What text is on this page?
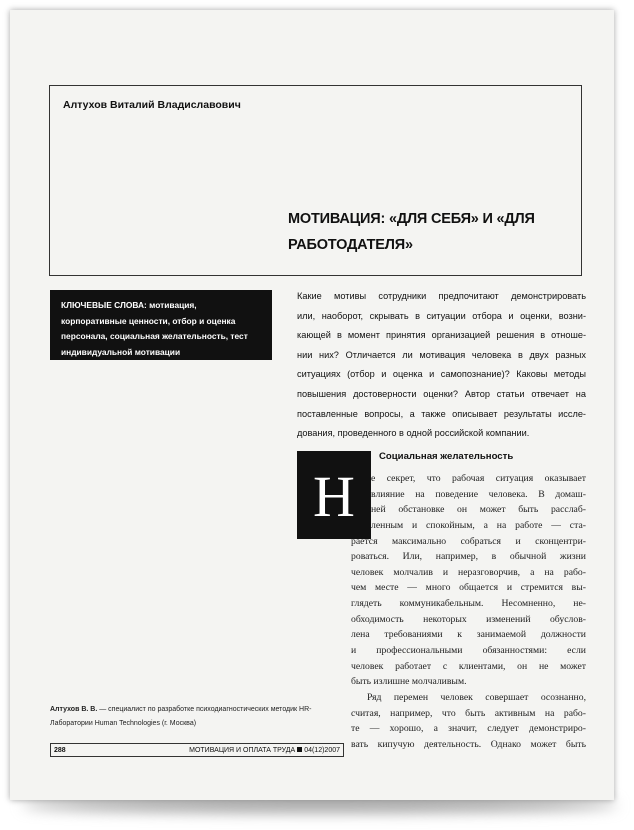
Алтухов Виталий Владиславович
МОТИВАЦИЯ: «ДЛЯ СЕБЯ» И «ДЛЯ РАБОТОДАТЕЛЯ»
КЛЮЧЕВЫЕ СЛОВА: мотивация, корпоративные ценности, отбор и оценка персонала, социальная желательность, тест индивидуальной мотивации
Какие мотивы сотрудники предпочитают демонстрировать
или, наоборот, скрывать в ситуации отбора и оценки, возни-
кающей в момент принятия организацией решения в отноше-
нии них? Отличается ли мотивация человека в двух разных
ситуациях (отбор и оценка и самопознание)? Каковы методы
повышения достоверности оценки? Автор статьи отвечает на
поставленные вопросы, а также описывает результаты иссле-
дования, проведенного в одной российской компании.
Социальная желательность
Н	е секрет, что рабочая ситуация оказывает
влияние на поведение человека. В домаш-
ней обстановке он может быть расслаб-
ленным и спокойным, а на работе — ста-
рается максимально собраться и сконцентри-
роваться. Или, например, в обычной жизни
человек молчалив и неразговорчив, а на рабо-
чем месте — много общается и стремится вы-
глядеть коммуникабельным. Несомненно, не-
обходимость некоторых изменений обуслов-
лена требованиями к занимаемой должности
и профессиональными обязанностями: если
человек работает с клиентами, он не может
быть излишне молчаливым.
Ряд перемен человек совершает осознанно,
считая, например, что быть активным на рабо-
те — хорошо, а значит, следует демонстриро-
вать кипучую деятельность. Однако может быть
Алтухов В. В. — специалист по разработке психодиагностических методик HR-Лаборатории Human Technologies (г. Москва)
288	МОТИВАЦИЯ И ОПЛАТА ТРУДА 04(12)2007
